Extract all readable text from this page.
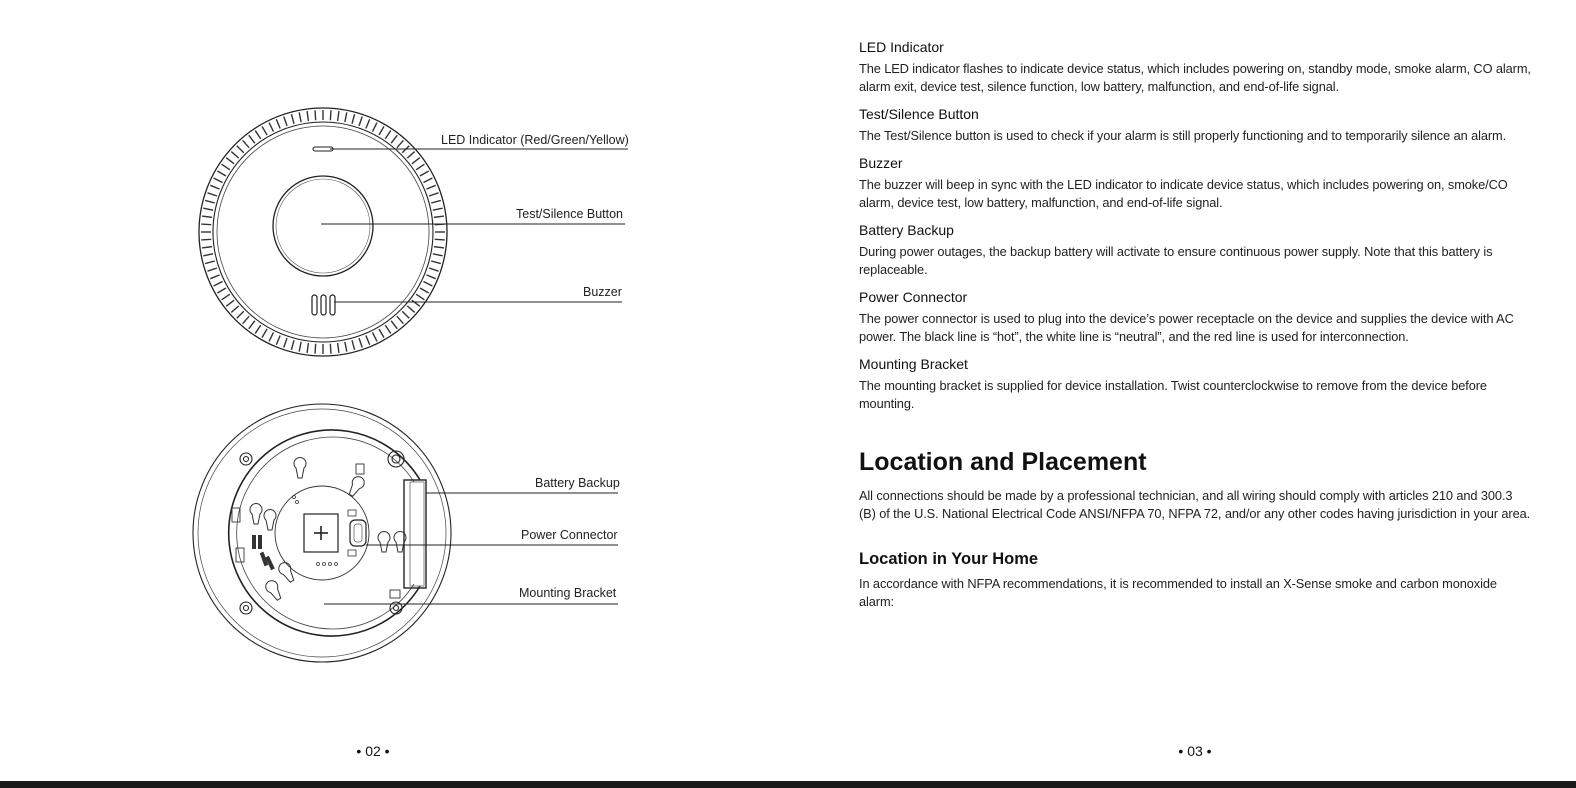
LED Indicator (Red/Green/Yellow)
Test/Silence Button
Buzzer
Battery Backup
Power Connector
Mounting Bracket
• 02 •
LED Indicator

The LED indicator flashes to indicate device status, which includes powering on, standby mode, smoke alarm, CO alarm, alarm exit, device test, silence function, low battery, malfunction, and end-of-life signal.

Test/Silence Button

The Test/Silence button is used to check if your alarm is still properly functioning and to temporarily silence an alarm.

Buzzer

The buzzer will beep in sync with the LED indicator to indicate device status, which includes powering on, smoke/CO alarm, device test, low battery, malfunction, and end-of-life signal.

Battery Backup

During power outages, the backup battery will activate to ensure continuous power supply. Note that this battery is replaceable.

Power Connector

The power connector is used to plug into the device’s power receptacle on the device and supplies the device with AC power. The black line is “hot”, the white line is “neutral”, and the red line is used for interconnection.

Mounting Bracket

The mounting bracket is supplied for device installation. Twist counterclockwise to remove from the device before mounting.

Location and Placement

All connections should be made by a professional technician, and all wiring should comply with articles 210 and 300.3 (B) of the U.S. National Electrical Code ANSI/NFPA 70, NFPA 72, and/or any other codes having jurisdiction in your area.

Location in Your Home

In accordance with NFPA recommendations, it is recommended to install an X-Sense smoke and carbon monoxide alarm:

• 03 •
